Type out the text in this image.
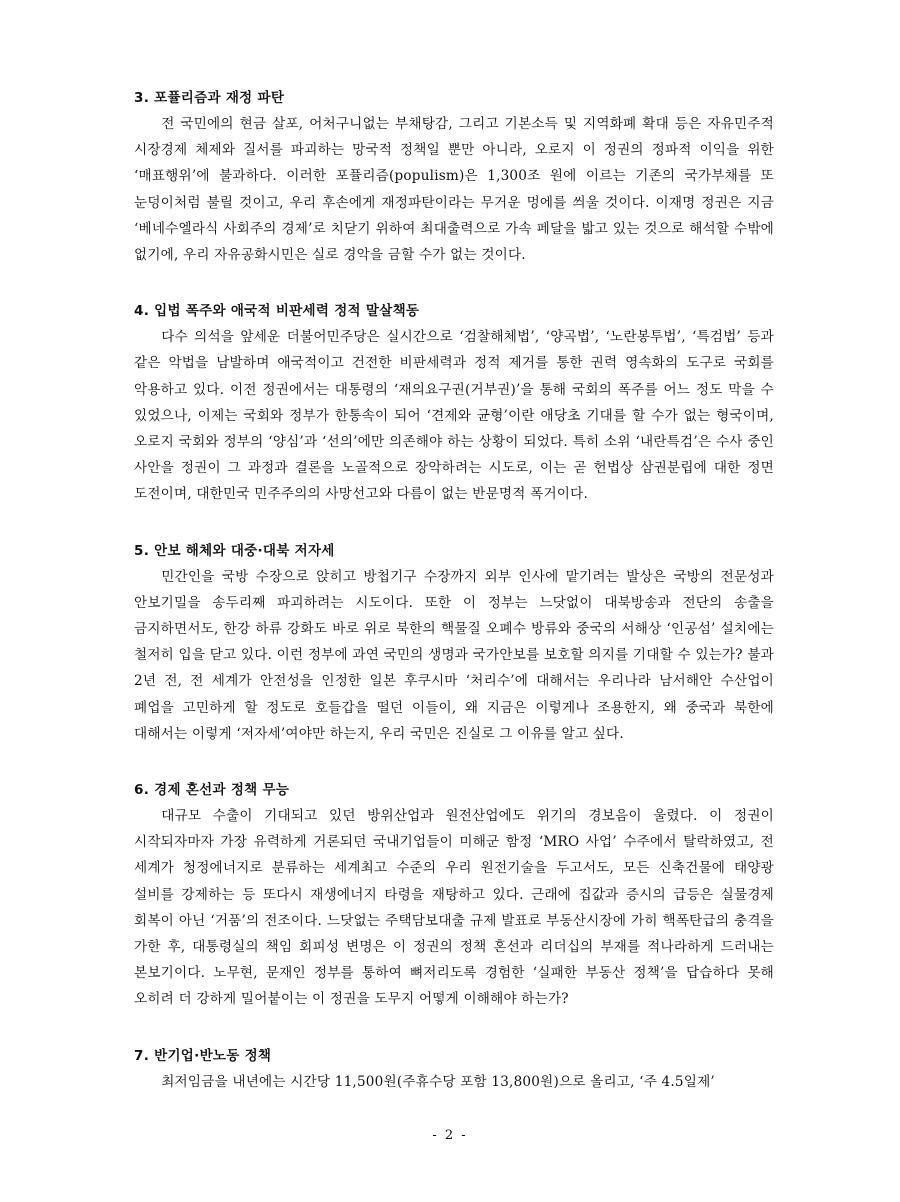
3. 포퓰리즘과 재정 파탄
전 국민에의 현금 살포, 어처구니없는 부채탕감, 그리고 기본소득 및 지역화폐 확대 등은 자유민주적 시장경제 체제와 질서를 파괴하는 망국적 정책일 뿐만 아니라, 오로지 이 정권의 정파적 이익을 위한 ‘매표행위’에 불과하다. 이러한 포퓰리즘(populism)은 1,300조 원에 이르는 기존의 국가부채를 또 눈덩이처럼 불릴 것이고, 우리 후손에게 재정파탄이라는 무거운 멍에를 씌울 것이다. 이재명 정권은 지금 ‘베네수엘라식 사회주의 경제’로 치닫기 위하여 최대출력으로 가속 페달을 밟고 있는 것으로 해석할 수밖에 없기에, 우리 자유공화시민은 실로 경악을 금할 수가 없는 것이다.
4. 입법 폭주와 애국적 비판세력 정적 말살책동
다수 의석을 앞세운 더불어민주당은 실시간으로 ‘검찰해체법’, ‘양곡법’, ‘노란봉투법’, ‘특검법’ 등과 같은 악법을 남발하며 애국적이고 건전한 비판세력과 정적 제거를 통한 권력 영속화의 도구로 국회를 악용하고 있다. 이전 정권에서는 대통령의 ‘재의요구권(거부권)’을 통해 국회의 폭주를 어느 정도 막을 수 있었으나, 이제는 국회와 정부가 한통속이 되어 ‘견제와 균형’이란 애당초 기대를 할 수가 없는 형국이며, 오로지 국회와 정부의 ‘양심’과 ‘선의’에만 의존해야 하는 상황이 되었다. 특히 소위 ‘내란특검’은 수사 중인 사안을 정권이 그 과정과 결론을 노골적으로 장악하려는 시도로, 이는 곧 헌법상 삼권분립에 대한 정면 도전이며, 대한민국 민주주의의 사망선고와 다름이 없는 반문명적 폭거이다.
5. 안보 해체와 대중·대북 저자세
민간인을 국방 수장으로 앉히고 방첩기구 수장까지 외부 인사에 맡기려는 발상은 국방의 전문성과 안보기밀을 송두리째 파괴하려는 시도이다. 또한 이 정부는 느닷없이 대북방송과 전단의 송출을 금지하면서도, 한강 하류 강화도 바로 위로 북한의 핵물질 오폐수 방류와 중국의 서해상 ‘인공섬’ 설치에는 철저히 입을 닫고 있다. 이런 정부에 과연 국민의 생명과 국가안보를 보호할 의지를 기대할 수 있는가? 불과 2년 전, 전 세계가 안전성을 인정한 일본 후쿠시마 ‘처리수’에 대해서는 우리나라 남서해안 수산업이 폐업을 고민하게 할 정도로 호들갑을 떨던 이들이, 왜 지금은 이렇게나 조용한지, 왜 중국과 북한에 대해서는 이렇게 ‘저자세’여야만 하는지, 우리 국민은 진실로 그 이유를 알고 싶다.
6. 경제 혼선과 정책 무능
대규모 수출이 기대되고 있던 방위산업과 원전산업에도 위기의 경보음이 울렸다. 이 정권이 시작되자마자 가장 유력하게 거론되던 국내기업들이 미해군 함정 ‘MRO 사업’ 수주에서 탈락하였고, 전 세계가 청정에너지로 분류하는 세계최고 수준의 우리 원전기술을 두고서도, 모든 신축건물에 태양광 설비를 강제하는 등 또다시 재생에너지 타령을 재탕하고 있다. 근래에 집값과 증시의 급등은 실물경제 회복이 아닌 ‘거품’의 전조이다. 느닷없는 주택담보대출 규제 발표로 부동산시장에 가히 핵폭탄급의 충격을 가한 후, 대통령실의 책임 회피성 변명은 이 정권의 정책 혼선과 리더십의 부재를 적나라하게 드러내는 본보기이다. 노무현, 문재인 정부를 통하여 뼈저리도록 경험한 ‘실패한 부동산 정책’을 답습하다 못해 오히려 더 강하게 밀어붙이는 이 정권을 도무지 어떻게 이해해야 하는가?
7. 반기업·반노동 정책
최저임금을 내년에는 시간당 11,500원(주휴수당 포함 13,800원)으로 올리고, ‘주 4.5일제’
- 2 -
